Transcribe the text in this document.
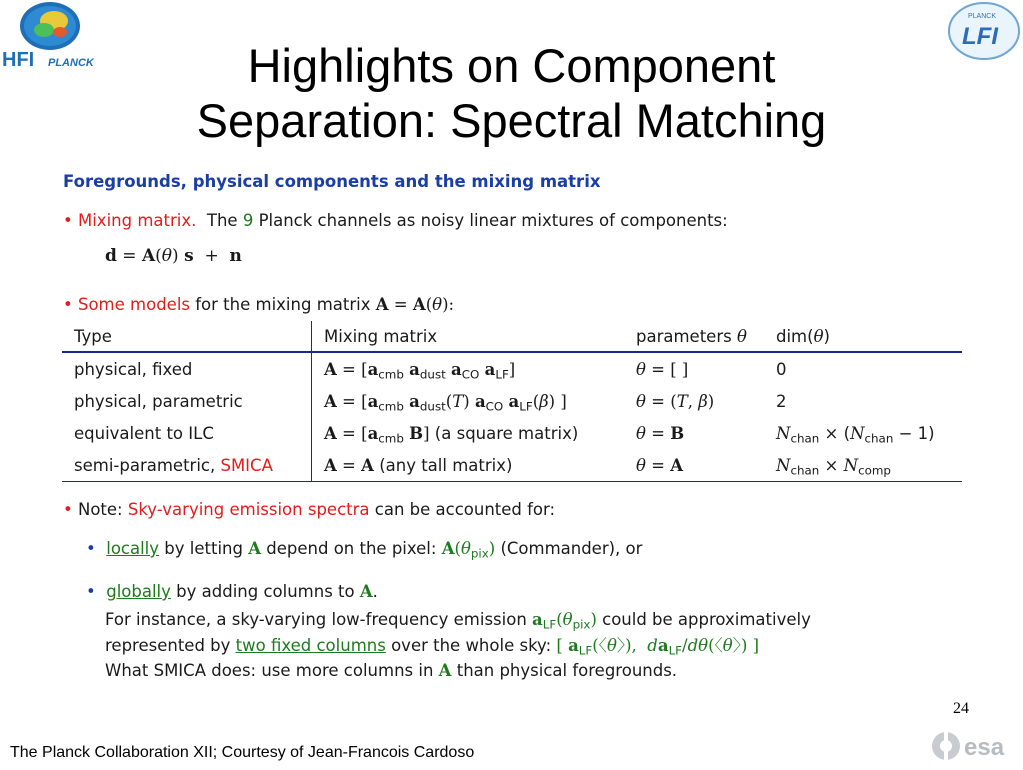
HFI PLANCK
PLANCK
LFI
Highlights on Component
Separation: Spectral Matching
Foregrounds, physical components and the mixing matrix
• Mixing matrix. The 9 Planck channels as noisy linear mixtures of components:
d = A(θ) s  +  n
• Some models for the mixing matrix A = A(θ):
Type	Mixing matrix	parameters θ	dim(θ)
physical, fixed	$A = [a_{cmb}$ $a_{dust}$ $a_{CO}$ $a_{LF}$]	θ = [ ]	0
physical, parametric	$A = [a_{cmb}$ $a_{dust}(T)$ $a_{CO}$ $a_{LF}(\beta)$ ]	θ = (T, β)	2
equivalent to ILC	$A = [a_{cmb}$ B] (a square matrix)	θ = B	$N_{chan} \times (N_{chan} - 1)$
semi-parametric, SMICA	A = A (any tall matrix)	θ = A	$N_{chan} \times N_{comp}$
• Note: Sky-varying emission spectra can be accounted for:
• locally by letting A depend on the pixel: $A(\theta_{pix})$ (Commander), or
• globally by adding columns to A.
For instance, a sky-varying low-frequency emission $a_{LF}(\theta_{pix})$ could be approximatively
represented by two fixed columns over the whole sky: [ $a_{LF}$(〈θ〉),  $da_{LF}/d\theta$(〈θ〉) ]
What SMICA does: use more columns in A than physical foregrounds.
24
The Planck Collaboration XII; Courtesy of Jean-Francois Cardoso	esa
